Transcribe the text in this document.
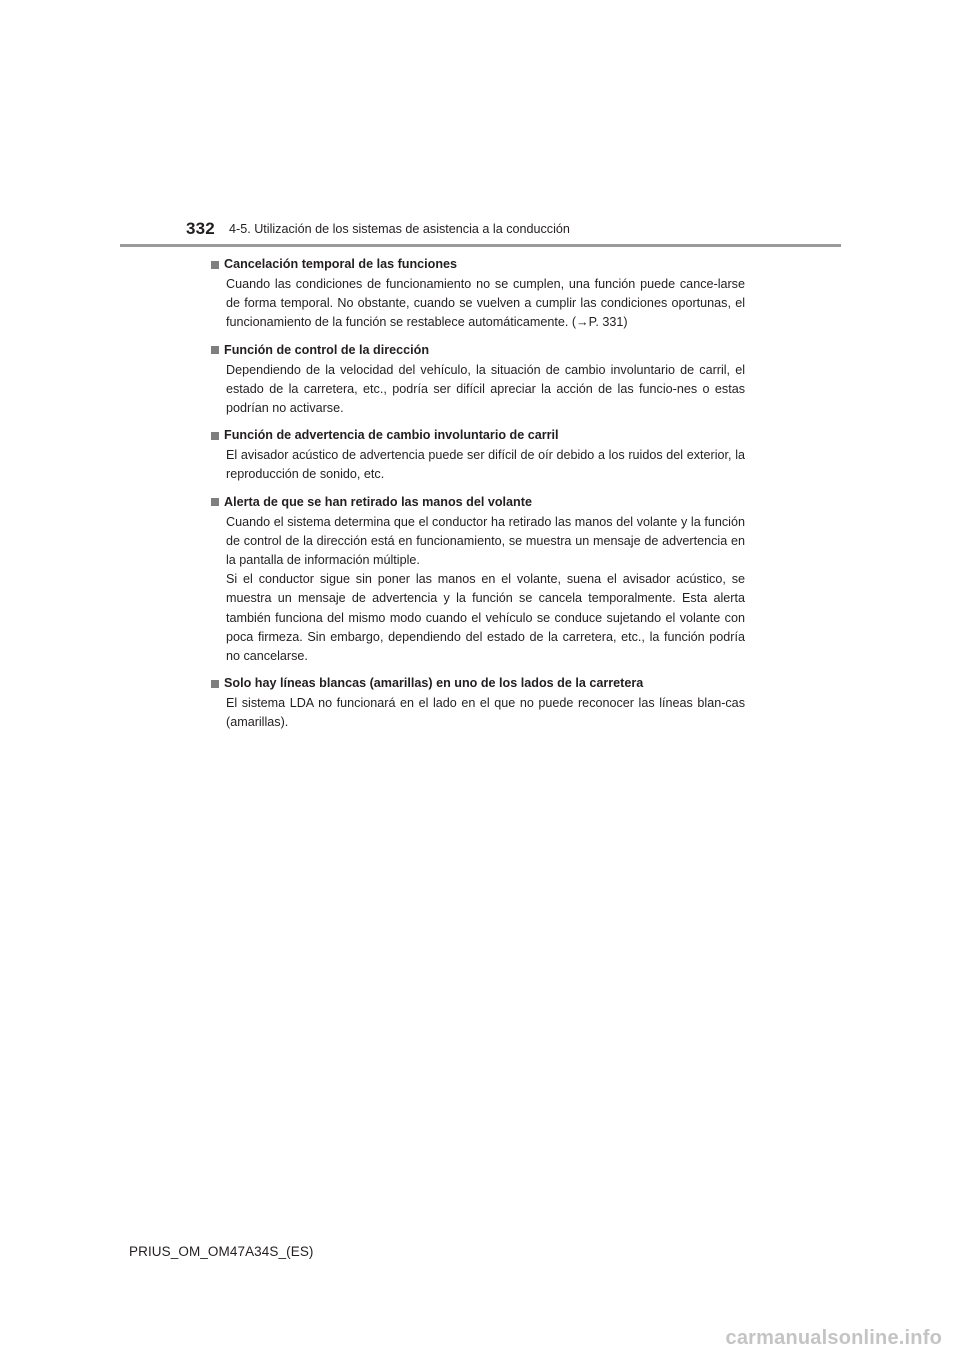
332 4-5. Utilización de los sistemas de asistencia a la conducción
Cancelación temporal de las funciones

Cuando las condiciones de funcionamiento no se cumplen, una función puede cance-larse de forma temporal. No obstante, cuando se vuelven a cumplir las condiciones oportunas, el funcionamiento de la función se restablece automáticamente. (→P. 331)

Función de control de la dirección

Dependiendo de la velocidad del vehículo, la situación de cambio involuntario de carril, el estado de la carretera, etc., podría ser difícil apreciar la acción de las funcio-nes o estas podrían no activarse.

Función de advertencia de cambio involuntario de carril

El avisador acústico de advertencia puede ser difícil de oír debido a los ruidos del exterior, la reproducción de sonido, etc.

Alerta de que se han retirado las manos del volante

Cuando el sistema determina que el conductor ha retirado las manos del volante y la función de control de la dirección está en funcionamiento, se muestra un mensaje de advertencia en la pantalla de información múltiple.

Si el conductor sigue sin poner las manos en el volante, suena el avisador acústico, se muestra un mensaje de advertencia y la función se cancela temporalmente. Esta alerta también funciona del mismo modo cuando el vehículo se conduce sujetando el volante con poca firmeza. Sin embargo, dependiendo del estado de la carretera, etc., la función podría no cancelarse.

Solo hay líneas blancas (amarillas) en uno de los lados de la carretera

El sistema LDA no funcionará en el lado en el que no puede reconocer las líneas blan-cas (amarillas).

PRIUS_OM_OM47A34S_(ES)
carmanualsonline.info
